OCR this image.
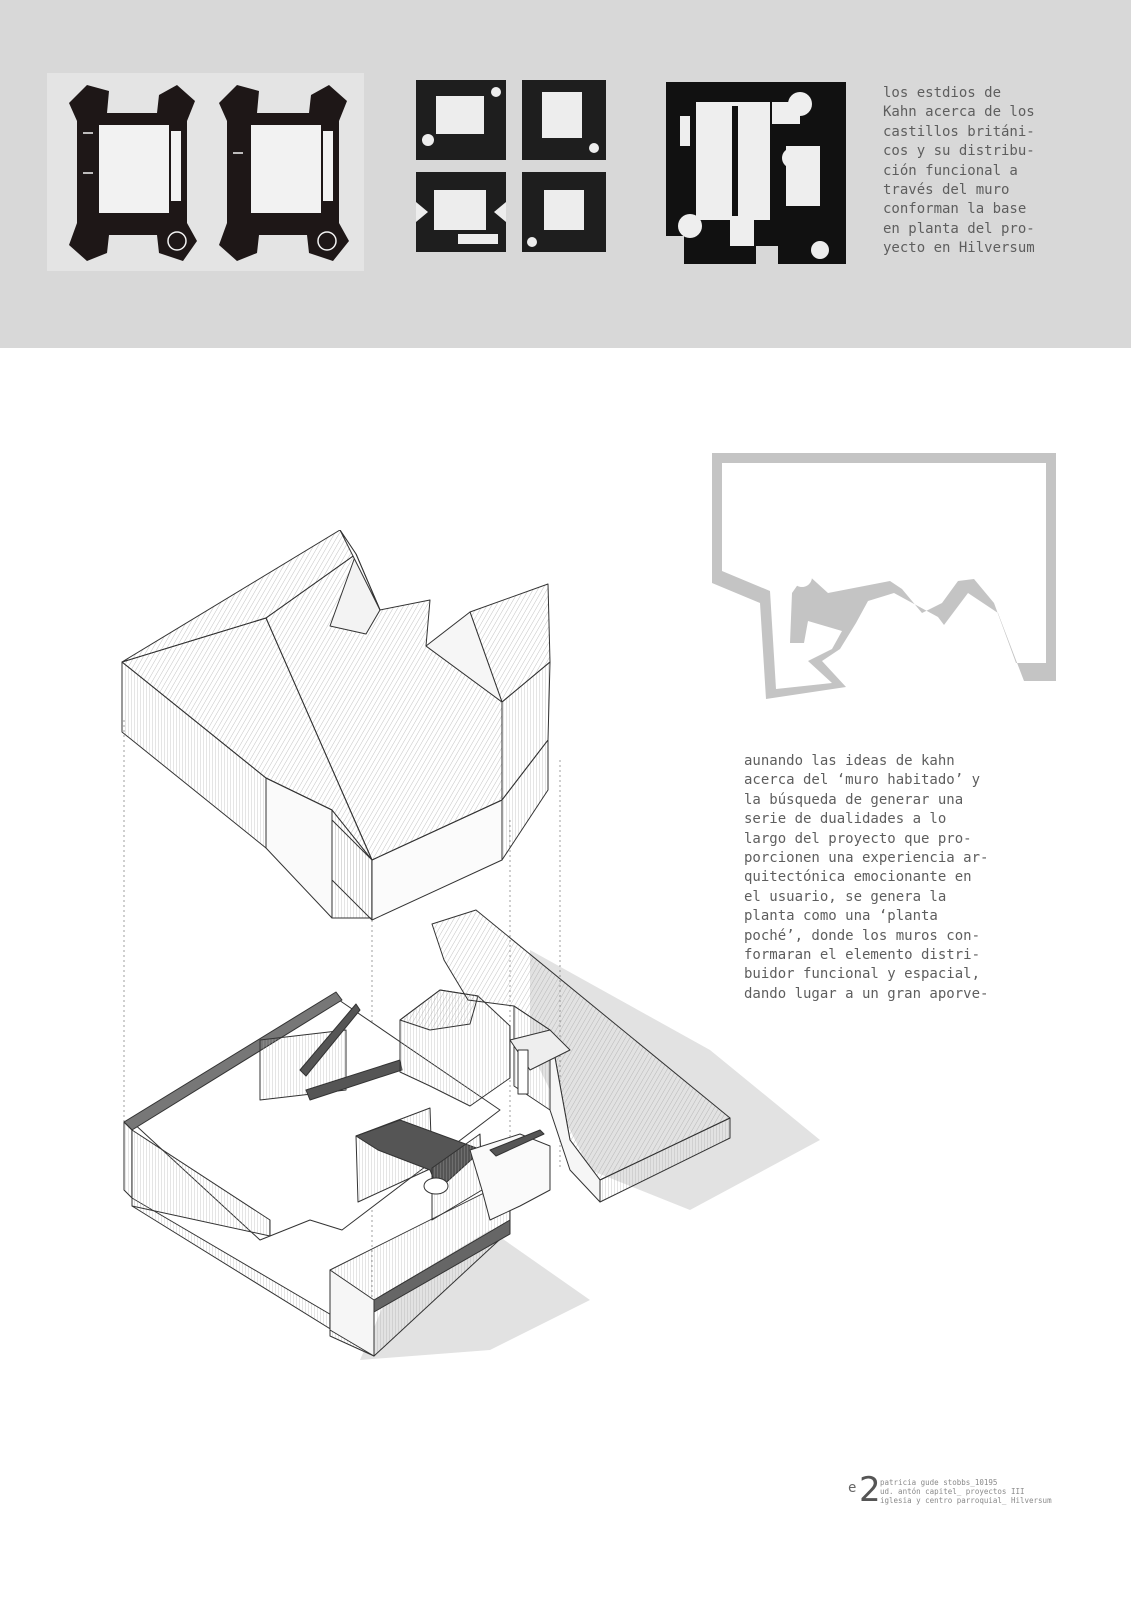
los estdios de
Kahn acerca de los
castillos británi-
cos y su distribu-
ción funcional a
través del muro
conforman la base
en planta del pro-
yecto en Hilversum

aunando las ideas de kahn
acerca del ‘muro habitado’ y
la búsqueda de generar una
serie de dualidades a lo
largo del proyecto que pro-
porcionen una experiencia ar-
quitectónica emocionante en
el usuario, se genera la
planta como una ‘planta
poché’, donde los muros con-
formaran el elemento distri-
buidor funcional y espacial,
dando lugar a un gran aporve-

e 2 patricia gude stobbs_10195
ud. antón capitel_ proyectos III
iglesia y centro parroquial_ Hilversum
